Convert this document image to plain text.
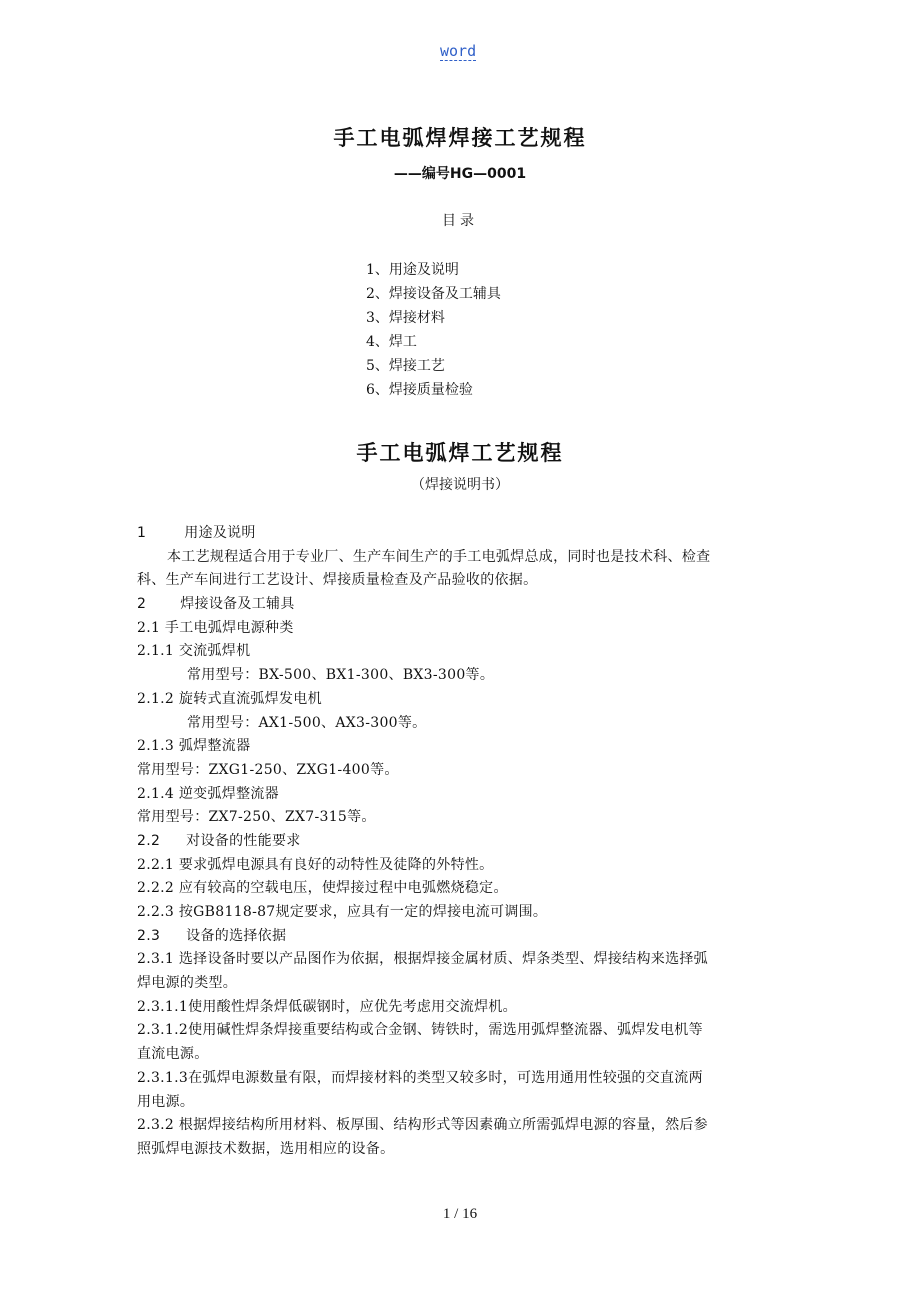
word
手工电弧焊焊接工艺规程
——编号HG—0001
目录
1、用途及说明
2、焊接设备及工辅具
3、焊接材料
4、焊工
5、焊接工艺
6、焊接质量检验
手工电弧焊工艺规程
（焊接说明书）
1	用途及说明
本工艺规程适合用于专业厂、生产车间生产的手工电弧焊总成，同时也是技术科、检查
科、生产车间进行工艺设计、焊接质量检查及产品验收的依据。
2 焊接设备及工辅具
2.1 手工电弧焊电源种类
2.1.1 交流弧焊机
常用型号：BX-500、BX1-300、BX3-300等。
2.1.2 旋转式直流弧焊发电机
常用型号：AX1-500、AX3-300等。
2.1.3 弧焊整流器
常用型号：ZXG1-250、ZXG1-400等。
2.1.4 逆变弧焊整流器
常用型号：ZX7-250、ZX7-315等。
2.2 对设备的性能要求
2.2.1 要求弧焊电源具有良好的动特性及徒降的外特性。
2.2.2 应有较高的空载电压，使焊接过程中电弧燃烧稳定。
2.2.3 按GB8118-87规定要求，应具有一定的焊接电流可调围。
2.3 设备的选择依据
2.3.1 选择设备时要以产品图作为依据，根据焊接金属材质、焊条类型、焊接结构来选择弧
焊电源的类型。
2.3.1.1使用酸性焊条焊低碳钢时，应优先考虑用交流焊机。
2.3.1.2使用碱性焊条焊接重要结构或合金钢、铸铁时，需选用弧焊整流器、弧焊发电机等
直流电源。
2.3.1.3在弧焊电源数量有限，而焊接材料的类型又较多时，可选用通用性较强的交直流两
用电源。
2.3.2 根据焊接结构所用材料、板厚围、结构形式等因素确立所需弧焊电源的容量，然后参
照弧焊电源技术数据，选用相应的设备。
1 / 16
